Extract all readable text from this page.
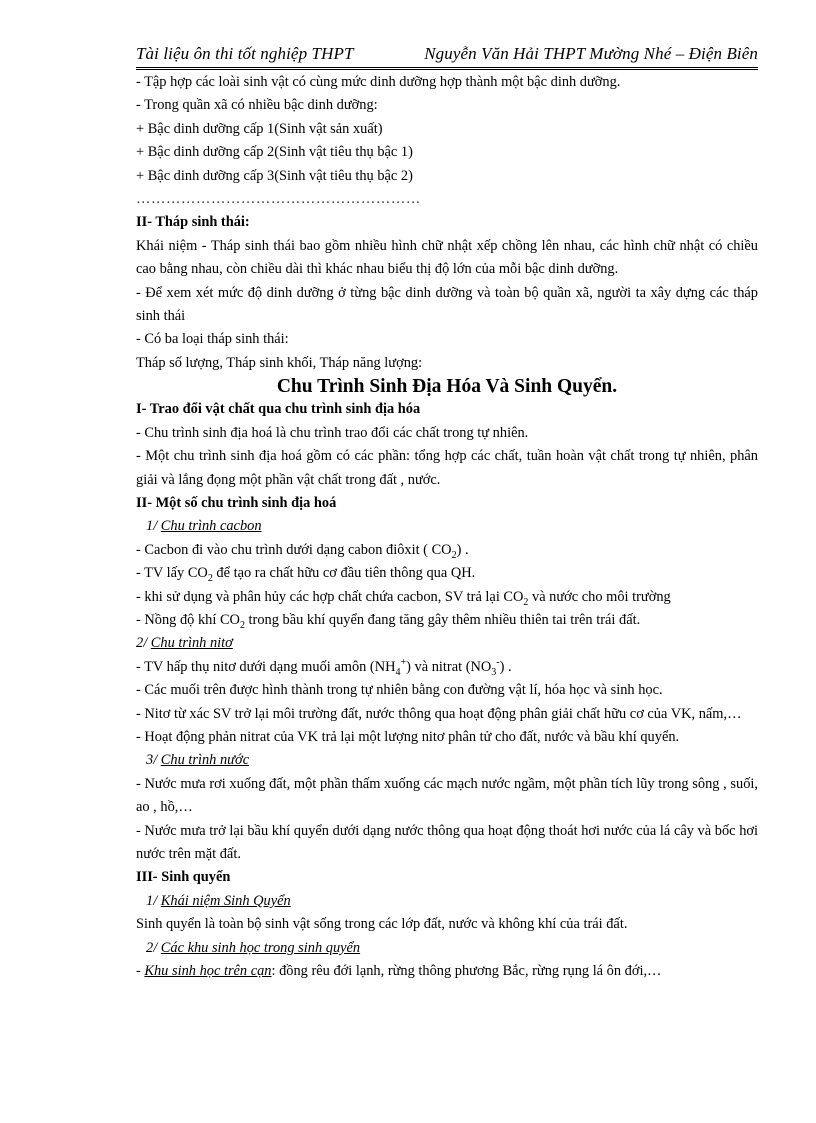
Tài liệu ôn thi tốt nghiệp THPT	Nguyễn Văn Hải THPT Mường Nhé – Điện Biên
- Tập hợp các loài sinh vật có cùng mức dinh dưỡng hợp thành một bậc dinh dưỡng.
- Trong quần xã có nhiều bậc dinh dưỡng:
+ Bậc dinh dưỡng cấp 1(Sinh vật sản xuất)
+ Bậc dinh dưỡng cấp 2(Sinh vật tiêu thụ bậc 1)
+ Bậc dinh dưỡng cấp 3(Sinh vật tiêu thụ bậc 2)
…………………………………………………
II- Tháp sinh thái:
Khái niệm - Tháp sinh thái bao gồm nhiều hình chữ nhật xếp chồng lên nhau, các hình chữ nhật có chiều cao bằng nhau, còn chiều dài thì khác nhau biểu thị độ lớn của mỗi bậc dinh dưỡng.
- Để xem xét mức độ dinh dưỡng ở từng bậc dinh dưỡng và toàn bộ quần xã, người ta xây dựng các tháp sinh thái
- Có ba loại tháp sinh thái:
Tháp số lượng, Tháp sinh khối, Tháp năng lượng:
Chu Trình Sinh Địa Hóa Và Sinh Quyển.
I- Trao đổi vật chất qua chu trình sinh địa hóa
- Chu trình sinh địa hoá là chu trình trao đổi các chất trong tự nhiên.
- Một chu trình sinh địa hoá gồm có các phần: tổng hợp các chất, tuần hoàn vật chất trong tự nhiên, phân giải và lắng đọng một phần vật chất trong đất , nước.
II- Một số chu trình sinh địa hoá
1/ Chu trình cacbon
- Cacbon đi vào chu trình dưới dạng cabon điôxit ( $CO_2$) .
- TV lấy $CO_2$ để tạo ra chất hữu cơ đầu tiên thông qua QH.
- khi sử dụng và phân hủy các hợp chất chứa cacbon, SV trả lại $CO_2$ và nước cho môi trường
- Nồng độ khí $CO_2$ trong bầu khí quyển đang tăng gây thêm nhiều thiên tai trên trái đất.
2/ Chu trình nitơ
- TV hấp thụ nitơ dưới dạng muối amôn $(NH_4^+)$ và nitrat $(NO_3^-)$ .
- Các muối trên được hình thành trong tự nhiên bằng con đường vật lí, hóa học và sinh học.
- Nitơ từ xác SV trở lại môi trường đất, nước thông qua hoạt động phân giải chất hữu cơ của VK, nấm,…
- Hoạt động phản nitrat của VK trả lại một lượng nitơ phân tử cho đất, nước và bầu khí quyển.
3/ Chu trình nước
- Nước mưa rơi xuống đất, một phần thấm xuống các mạch nước ngầm, một phần tích lũy trong sông , suối, ao , hồ,…
- Nước mưa trở lại bầu khí quyển dưới dạng nước thông qua hoạt động thoát hơi nước của lá cây và bốc hơi nước trên mặt đất.
III- Sinh quyển
1/ Khái niệm Sinh Quyển
Sinh quyển là toàn bộ sinh vật sống trong các lớp đất, nước và không khí của trái đất.
2/ Các khu sinh học trong sinh quyển
- Khu sinh học trên cạn: đồng rêu đới lạnh, rừng thông phương Bắc, rừng rụng lá ôn đới,…
